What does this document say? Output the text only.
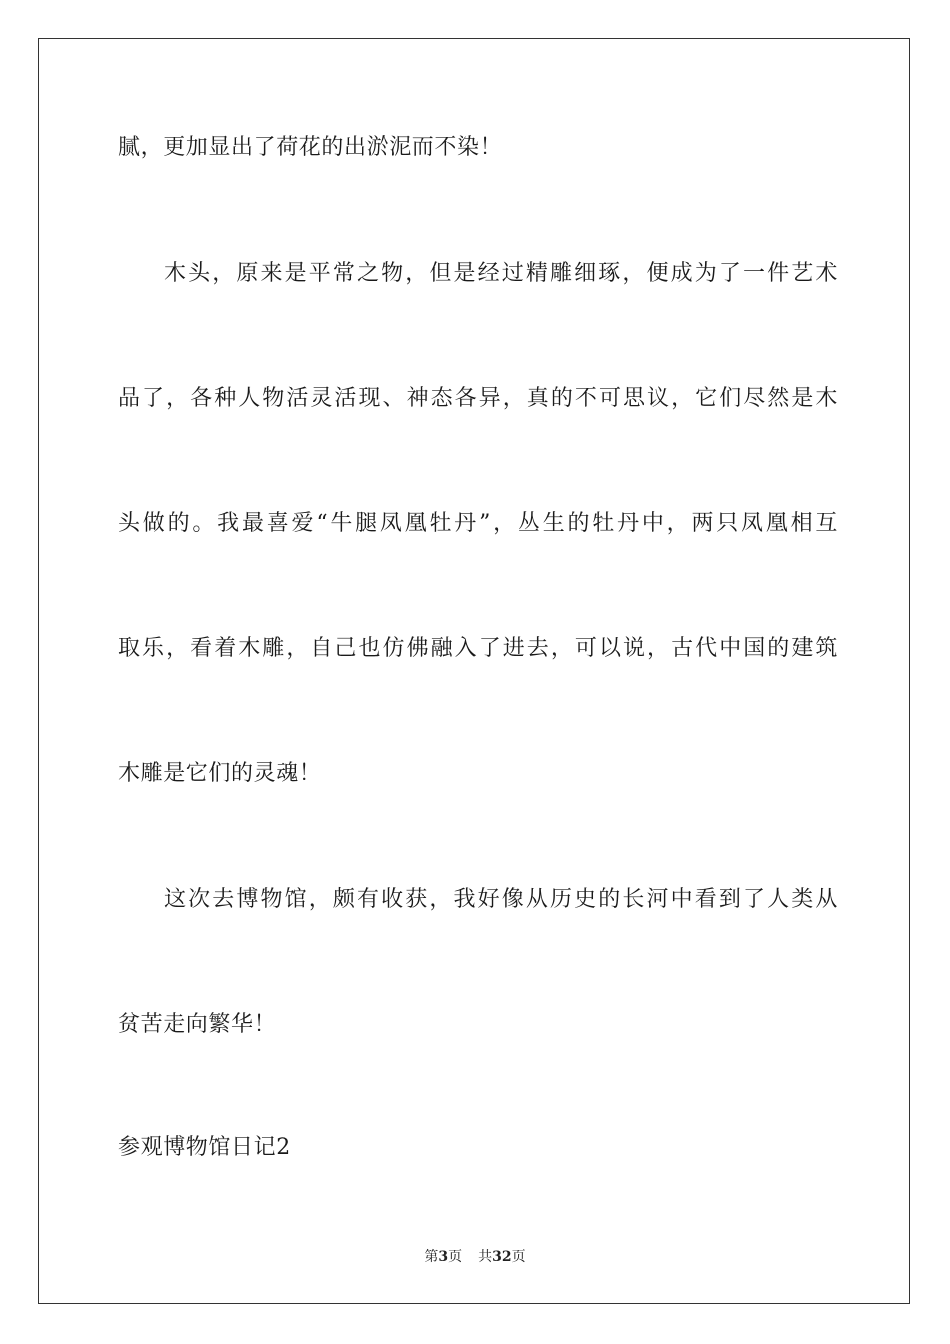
腻，更加显出了荷花的出淤泥而不染！
木头，原来是平常之物，但是经过精雕细琢，便成为了一件艺术
品了，各种人物活灵活现、神态各异，真的不可思议，它们尽然是木
头做的。我最喜爱“牛腿凤凰牡丹”，丛生的牡丹中，两只凤凰相互
取乐，看着木雕，自己也仿佛融入了进去，可以说，古代中国的建筑
木雕是它们的灵魂！
这次去博物馆，颇有收获，我好像从历史的长河中看到了人类从
贫苦走向繁华！
参观博物馆日记2
第3页 共32页
